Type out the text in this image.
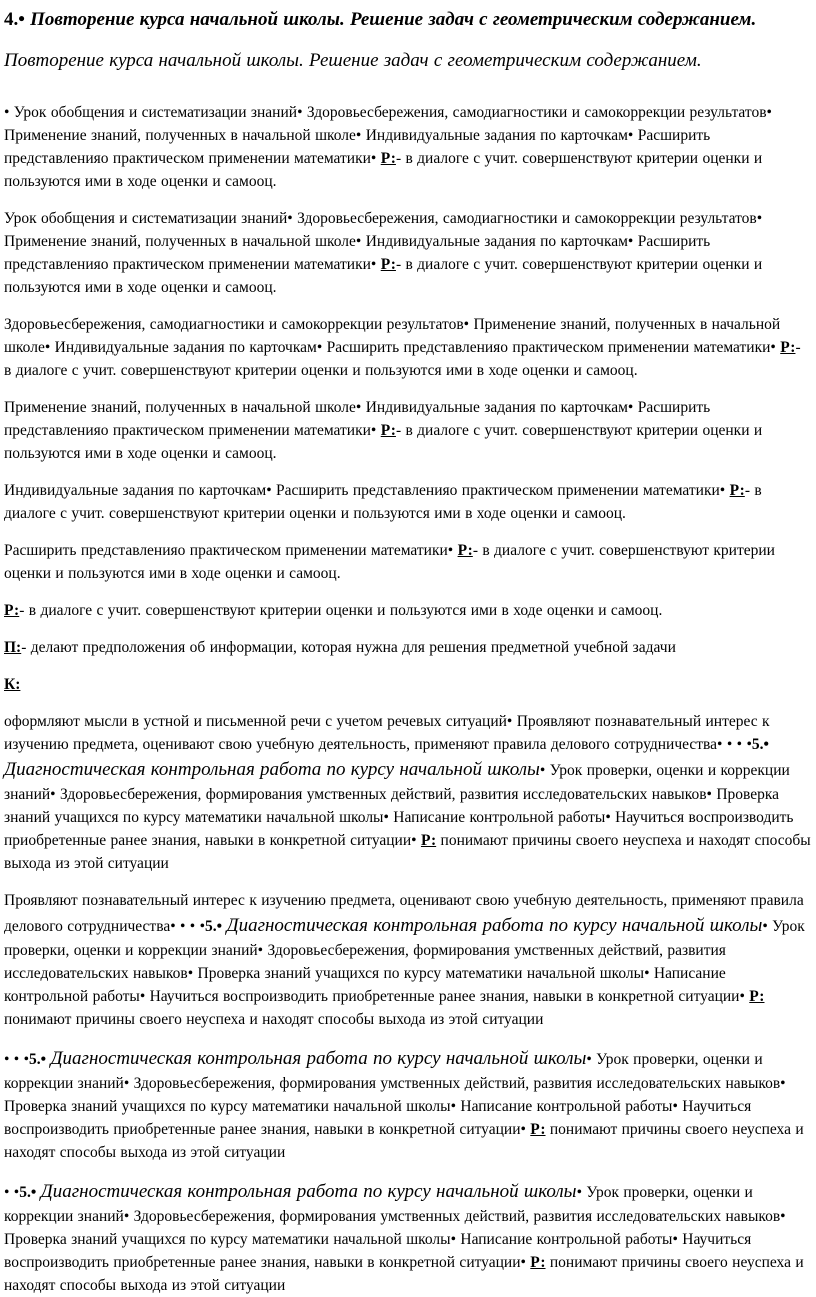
4.• Повторение курса начальной школы. Решение задач с геометрическим содержанием.

Повторение курса начальной школы. Решение задач с геометрическим содержанием.

• Урок обобщения и систематизации знаний• Здоровьесбережения, самодиагностики и самокоррекции результатов• Применение знаний, полученных в начальной школе• Индивидуальные задания по карточкам• Расширить представленияо практическом применении математики• Р:- в диалоге с учит. совершенствуют критерии оценки и пользуются ими в ходе оценки и самооц.

Урок обобщения и систематизации знаний• Здоровьесбережения, самодиагностики и самокоррекции результатов• Применение знаний, полученных в начальной школе• Индивидуальные задания по карточкам• Расширить представленияо практическом применении математики• Р:- в диалоге с учит. совершенствуют критерии оценки и пользуются ими в ходе оценки и самооц.

Здоровьесбережения, самодиагностики и самокоррекции результатов• Применение знаний, полученных в начальной школе• Индивидуальные задания по карточкам• Расширить представленияо практическом применении математики• Р:- в диалоге с учит. совершенствуют критерии оценки и пользуются ими в ходе оценки и самооц.

Применение знаний, полученных в начальной школе• Индивидуальные задания по карточкам• Расширить представленияо практическом применении математики• Р:- в диалоге с учит. совершенствуют критерии оценки и пользуются ими в ходе оценки и самооц.

Индивидуальные задания по карточкам• Расширить представленияо практическом применении математики• Р:- в диалоге с учит. совершенствуют критерии оценки и пользуются ими в ходе оценки и самооц.

Расширить представленияо практическом применении математики• Р:- в диалоге с учит. совершенствуют критерии оценки и пользуются ими в ходе оценки и самооц.

Р:- в диалоге с учит. совершенствуют критерии оценки и пользуются ими в ходе оценки и самооц.

П:- делают предположения об информации, которая нужна для решения предметной учебной задачи

К:

оформляют мысли в устной и письменной речи с учетом речевых ситуаций• Проявляют познавательный интерес к изучению предмета, оценивают свою учебную деятельность, применяют правила делового сотрудничества• • • •5.• Диагностическая контрольная работа по курсу начальной школы• Урок проверки, оценки и коррекции знаний• Здоровьесбережения, формирования умственных действий, развития исследовательских навыков• Проверка знаний учащихся по курсу математики начальной школы• Написание контрольной работы• Научиться воспроизводить приобретенные ранее знания, навыки в конкретной ситуации• Р: понимают причины своего неуспеха и находят способы выхода из этой ситуации

Проявляют познавательный интерес к изучению предмета, оценивают свою учебную деятельность, применяют правила делового сотрудничества• • • •5.• Диагностическая контрольная работа по курсу начальной школы• Урок проверки, оценки и коррекции знаний• Здоровьесбережения, формирования умственных действий, развития исследовательских навыков• Проверка знаний учащихся по курсу математики начальной школы• Написание контрольной работы• Научиться воспроизводить приобретенные ранее знания, навыки в конкретной ситуации• Р: понимают причины своего неуспеха и находят способы выхода из этой ситуации

• • •5.• Диагностическая контрольная работа по курсу начальной школы• Урок проверки, оценки и коррекции знаний• Здоровьесбережения, формирования умственных действий, развития исследовательских навыков• Проверка знаний учащихся по курсу математики начальной школы• Написание контрольной работы• Научиться воспроизводить приобретенные ранее знания, навыки в конкретной ситуации• Р: понимают причины своего неуспеха и находят способы выхода из этой ситуации

• •5.• Диагностическая контрольная работа по курсу начальной школы• Урок проверки, оценки и коррекции знаний• Здоровьесбережения, формирования умственных действий, развития исследовательских навыков• Проверка знаний учащихся по курсу математики начальной школы• Написание контрольной работы• Научиться воспроизводить приобретенные ранее знания, навыки в конкретной ситуации• Р: понимают причины своего неуспеха и находят способы выхода из этой ситуации
